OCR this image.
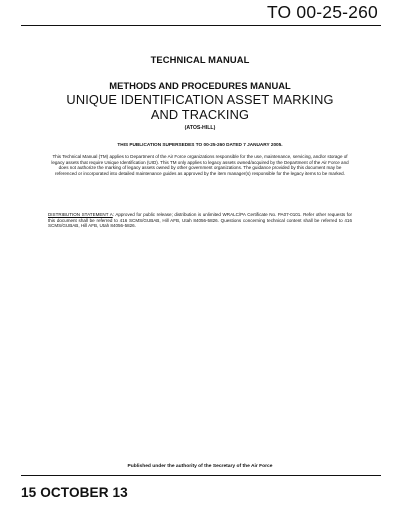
TO 00-25-260
TECHNICAL MANUAL
METHODS AND PROCEDURES MANUAL
UNIQUE IDENTIFICATION ASSET MARKING AND TRACKING
(ATOS-HILL)
THIS PUBLICATION SUPERSEDES TO 00-25-260 DATED 7 JANUARY 2005.
This Technical Manual (TM) applies to Department of the Air Force organizations responsible for the use, maintenance, servicing, and/or storage of legacy assets that require Unique Identification (UID). This TM only applies to legacy assets owned/acquired by the Department of the Air Force and does not authorize the marking of legacy assets owned by other government organizations. The guidance provided by this document may be referenced or incorporated into detailed maintenance guides as approved by the item manager(s) responsible for the legacy items to be marked.
DISTRIBUTION STATEMENT A: Approved for public release; distribution is unlimited WRALC/PA Certificate No. PA07-0101. Refer other requests for this document shall be referred to 416 SCMS/GUBAB, Hill AFB, Utah 84056-5826. Questions concerning technical content shall be referred to 416 SCMS/GUBAB, Hill AFB, Utah 84056-5826.
Published under the authority of the Secretary of the Air Force
15 OCTOBER 13
